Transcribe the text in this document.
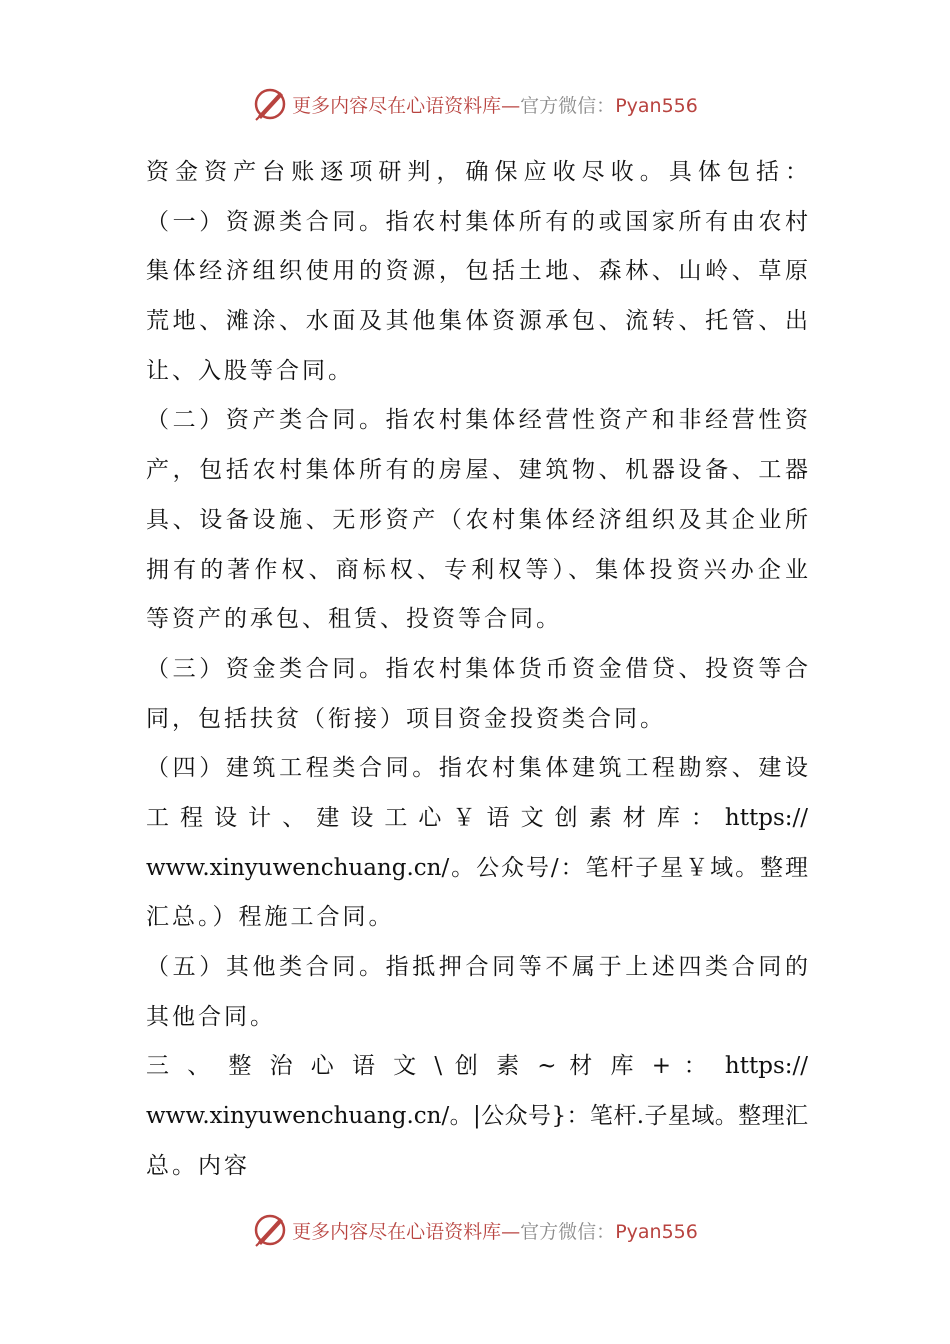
更多内容尽在心语资料库—官方微信：Pyan556
资金资产台账逐项研判，确保应收尽收。具体包括：
（一）资源类合同。指农村集体所有的或国家所有由农村
集体经济组织使用的资源，包括土地、森林、山岭、草原
荒地、滩涂、水面及其他集体资源承包、流转、托管、出
让、入股等合同。
（二）资产类合同。指农村集体经营性资产和非经营性资
产，包括农村集体所有的房屋、建筑物、机器设备、工器
具、设备设施、无形资产（农村集体经济组织及其企业所
拥有的著作权、商标权、专利权等）、集体投资兴办企业
等资产的承包、租赁、投资等合同。
（三）资金类合同。指农村集体货币资金借贷、投资等合
同，包括扶贫（衔接）项目资金投资类合同。
（四）建筑工程类合同。指农村集体建筑工程勘察、建设
工 程 设 计 、 建 设 工 心 ￥ 语 文 创 素 材 库 ： https://
www.xinyuwenchuang.cn/。公众号/：笔杆子星￥域。整理
汇总。）程施工合同。
（五）其他类合同。指抵押合同等不属于上述四类合同的
其他合同。
三 、 整 治 心 语 文 \ 创 素 ~ 材 库 + ： https://
www.xinyuwenchuang.cn/。|公众号}：笔杆.子星域。整理汇
总。内容
更多内容尽在心语资料库—官方微信：Pyan556
